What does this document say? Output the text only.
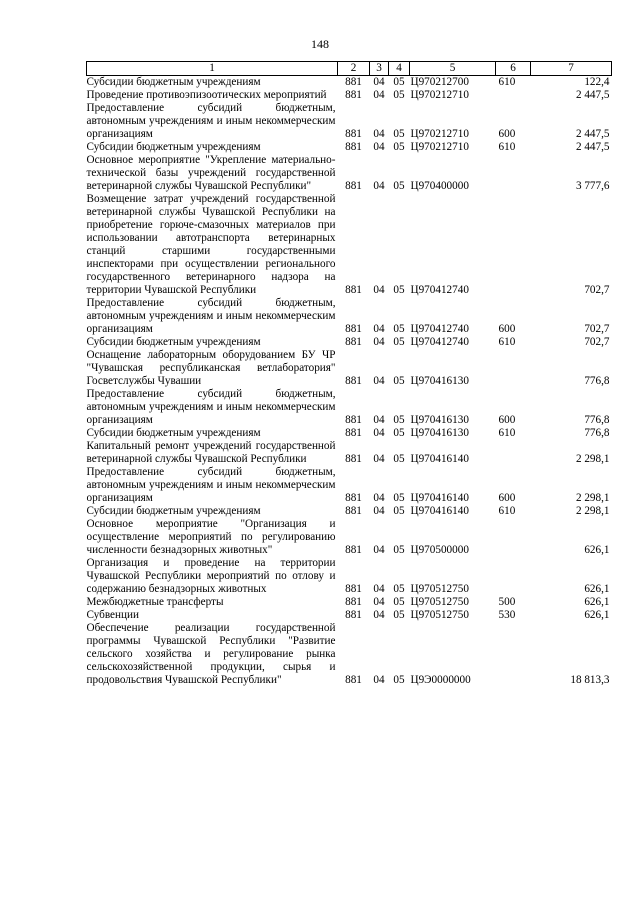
148
1	2	3	4	5	6	7
Субсидии бюджетным учреждениям	881	04	05	Ц970212700	610	122,4
Проведение противоэпизоотических мероприятий	881	04	05	Ц970212710		2 447,5
Предоставление субсидий бюджетным, автономным учреждениям и иным некоммерческим организациям	881	04	05	Ц970212710	600	2 447,5
Субсидии бюджетным учреждениям	881	04	05	Ц970212710	610	2 447,5
Основное мероприятие "Укрепление материально-технической базы учреждений государственной ветеринарной службы Чувашской Республики"	881	04	05	Ц970400000		3 777,6
Возмещение затрат учреждений государственной ветеринарной службы Чувашской Республики на приобретение горюче-смазочных материалов при использовании автотранспорта ветеринарных станций старшими государственными инспекторами при осуществлении регионального государственного ветеринарного надзора на территории Чувашской Республики	881	04	05	Ц970412740		702,7
Предоставление субсидий бюджетным, автономным учреждениям и иным некоммерческим организациям	881	04	05	Ц970412740	600	702,7
Субсидии бюджетным учреждениям	881	04	05	Ц970412740	610	702,7
Оснащение лабораторным оборудованием БУ ЧР "Чувашская республиканская ветлаборатория" Госветслужбы Чувашии	881	04	05	Ц970416130		776,8
Предоставление субсидий бюджетным, автономным учреждениям и иным некоммерческим организациям	881	04	05	Ц970416130	600	776,8
Субсидии бюджетным учреждениям	881	04	05	Ц970416130	610	776,8
Капитальный ремонт учреждений государственной ветеринарной службы Чувашской Республики	881	04	05	Ц970416140		2 298,1
Предоставление субсидий бюджетным, автономным учреждениям и иным некоммерческим организациям	881	04	05	Ц970416140	600	2 298,1
Субсидии бюджетным учреждениям	881	04	05	Ц970416140	610	2 298,1
Основное мероприятие "Организация и осуществление мероприятий по регулированию численности безнадзорных животных"	881	04	05	Ц970500000		626,1
Организация и проведение на территории Чувашской Республики мероприятий по отлову и содержанию безнадзорных животных	881	04	05	Ц970512750		626,1
Межбюджетные трансферты	881	04	05	Ц970512750	500	626,1
Субвенции	881	04	05	Ц970512750	530	626,1
Обеспечение реализации государственной программы Чувашской Республики "Развитие сельского хозяйства и регулирование рынка сельскохозяйственной продукции, сырья и продовольствия Чувашской Республики"	881	04	05	Ц9Э0000000		18 813,3
